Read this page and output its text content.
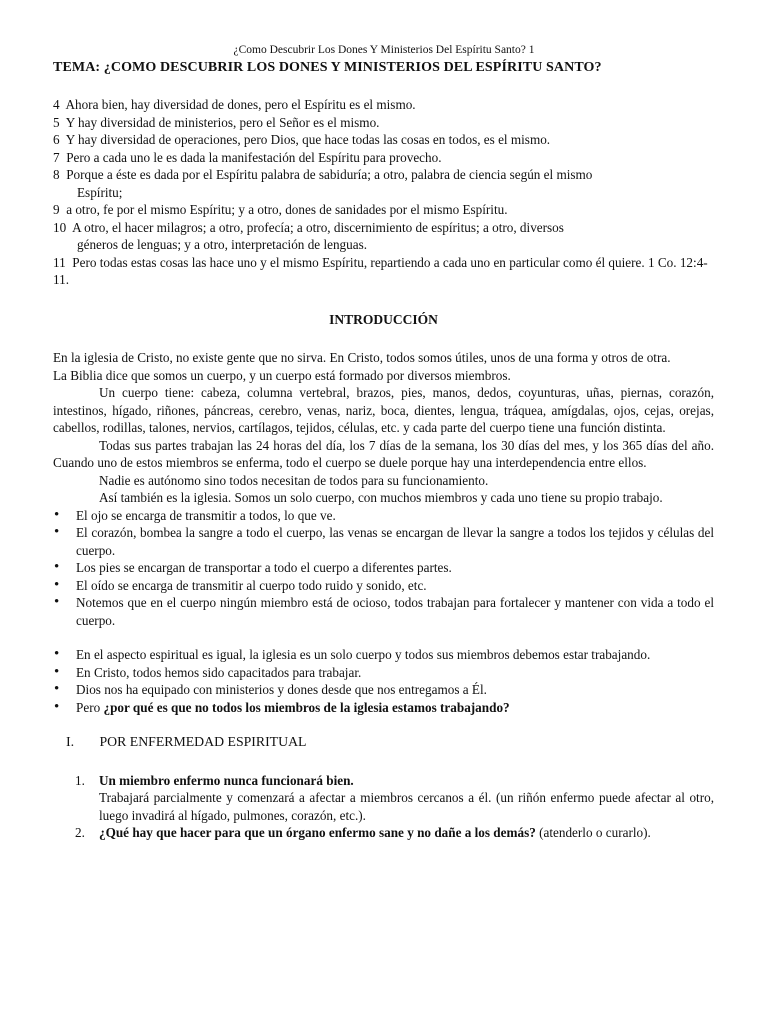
¿Como Descubrir Los Dones Y Ministerios Del Espíritu Santo? 1
TEMA: ¿COMO DESCUBRIR LOS DONES Y MINISTERIOS DEL ESPÍRITU SANTO?
4 Ahora bien, hay diversidad de dones, pero el Espíritu es el mismo.
5 Y hay diversidad de ministerios, pero el Señor es el mismo.
6 Y hay diversidad de operaciones, pero Dios, que hace todas las cosas en todos, es el mismo.
7 Pero a cada uno le es dada la manifestación del Espíritu para provecho.
8 Porque a éste es dada por el Espíritu palabra de sabiduría; a otro, palabra de ciencia según el mismo
Espíritu;
9 a otro, fe por el mismo Espíritu; y a otro, dones de sanidades por el mismo Espíritu.
10 A otro, el hacer milagros; a otro, profecía; a otro, discernimiento de espíritus; a otro, diversos
géneros de lenguas; y a otro, interpretación de lenguas.
11 Pero todas estas cosas las hace uno y el mismo Espíritu, repartiendo a cada uno en particular como él quiere. 1 Co. 12:4-11.
INTRODUCCIÓN

En la iglesia de Cristo, no existe gente que no sirva. En Cristo, todos somos útiles, unos de una forma y otros de otra.

La Biblia dice que somos un cuerpo, y un cuerpo está formado por diversos miembros.

Un cuerpo tiene: cabeza, columna vertebral, brazos, pies, manos, dedos, coyunturas, uñas, piernas, corazón, intestinos, hígado, riñones, páncreas, cerebro, venas, nariz, boca, dientes, lengua, tráquea, amígdalas, ojos, cejas, orejas, cabellos, rodillas, talones, nervios, cartílagos, tejidos, células, etc. y cada parte del cuerpo tiene una función distinta.

Todas sus partes trabajan las 24 horas del día, los 7 días de la semana, los 30 días del mes, y los 365 días del año. Cuando uno de estos miembros se enferma, todo el cuerpo se duele porque hay una interdependencia entre ellos.

Nadie es autónomo sino todos necesitan de todos para su funcionamiento.

Así también es la iglesia. Somos un solo cuerpo, con muchos miembros y cada uno tiene su propio trabajo.

• El ojo se encarga de transmitir a todos, lo que ve.
• El corazón, bombea la sangre a todo el cuerpo, las venas se encargan de llevar la sangre a todos los tejidos y células del cuerpo.
• Los pies se encargan de transportar a todo el cuerpo a diferentes partes.
• El oído se encarga de transmitir al cuerpo todo ruido y sonido, etc.
• Notemos que en el cuerpo ningún miembro está de ocioso, todos trabajan para fortalecer y mantener con vida a todo el cuerpo.
• En el aspecto espiritual es igual, la iglesia es un solo cuerpo y todos sus miembros debemos estar trabajando.
• En Cristo, todos hemos sido capacitados para trabajar.
• Dios nos ha equipado con ministerios y dones desde que nos entregamos a Él.
• Pero ¿por qué es que no todos los miembros de la iglesia estamos trabajando?
I. POR ENFERMEDAD ESPIRITUAL
1. Un miembro enfermo nunca funcionará bien.
Trabajará parcialmente y comenzará a afectar a miembros cercanos a él. (un riñón enfermo puede afectar al otro, luego invadirá al hígado, pulmones, corazón, etc.).
2. ¿Qué hay que hacer para que un órgano enfermo sane y no dañe a los demás? (atenderlo o curarlo).
